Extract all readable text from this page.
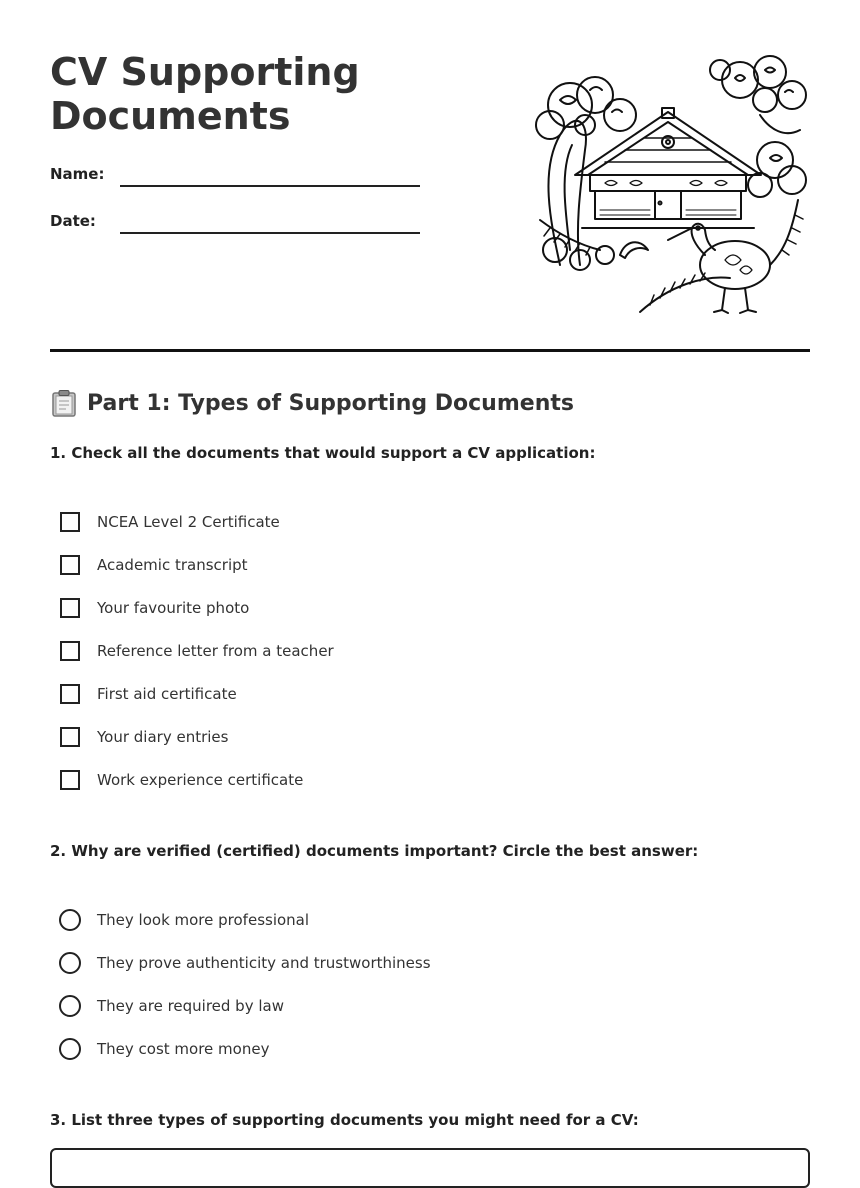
CV Supporting
Documents
Name:
Date:
Part 1: Types of Supporting Documents
1. Check all the documents that would support a CV application:
NCEA Level 2 Certificate
Academic transcript
Your favourite photo
Reference letter from a teacher
First aid certificate
Your diary entries
Work experience certificate
2. Why are verified (certified) documents important? Circle the best answer:
They look more professional
They prove authenticity and trustworthiness
They are required by law
They cost more money
3. List three types of supporting documents you might need for a CV:
